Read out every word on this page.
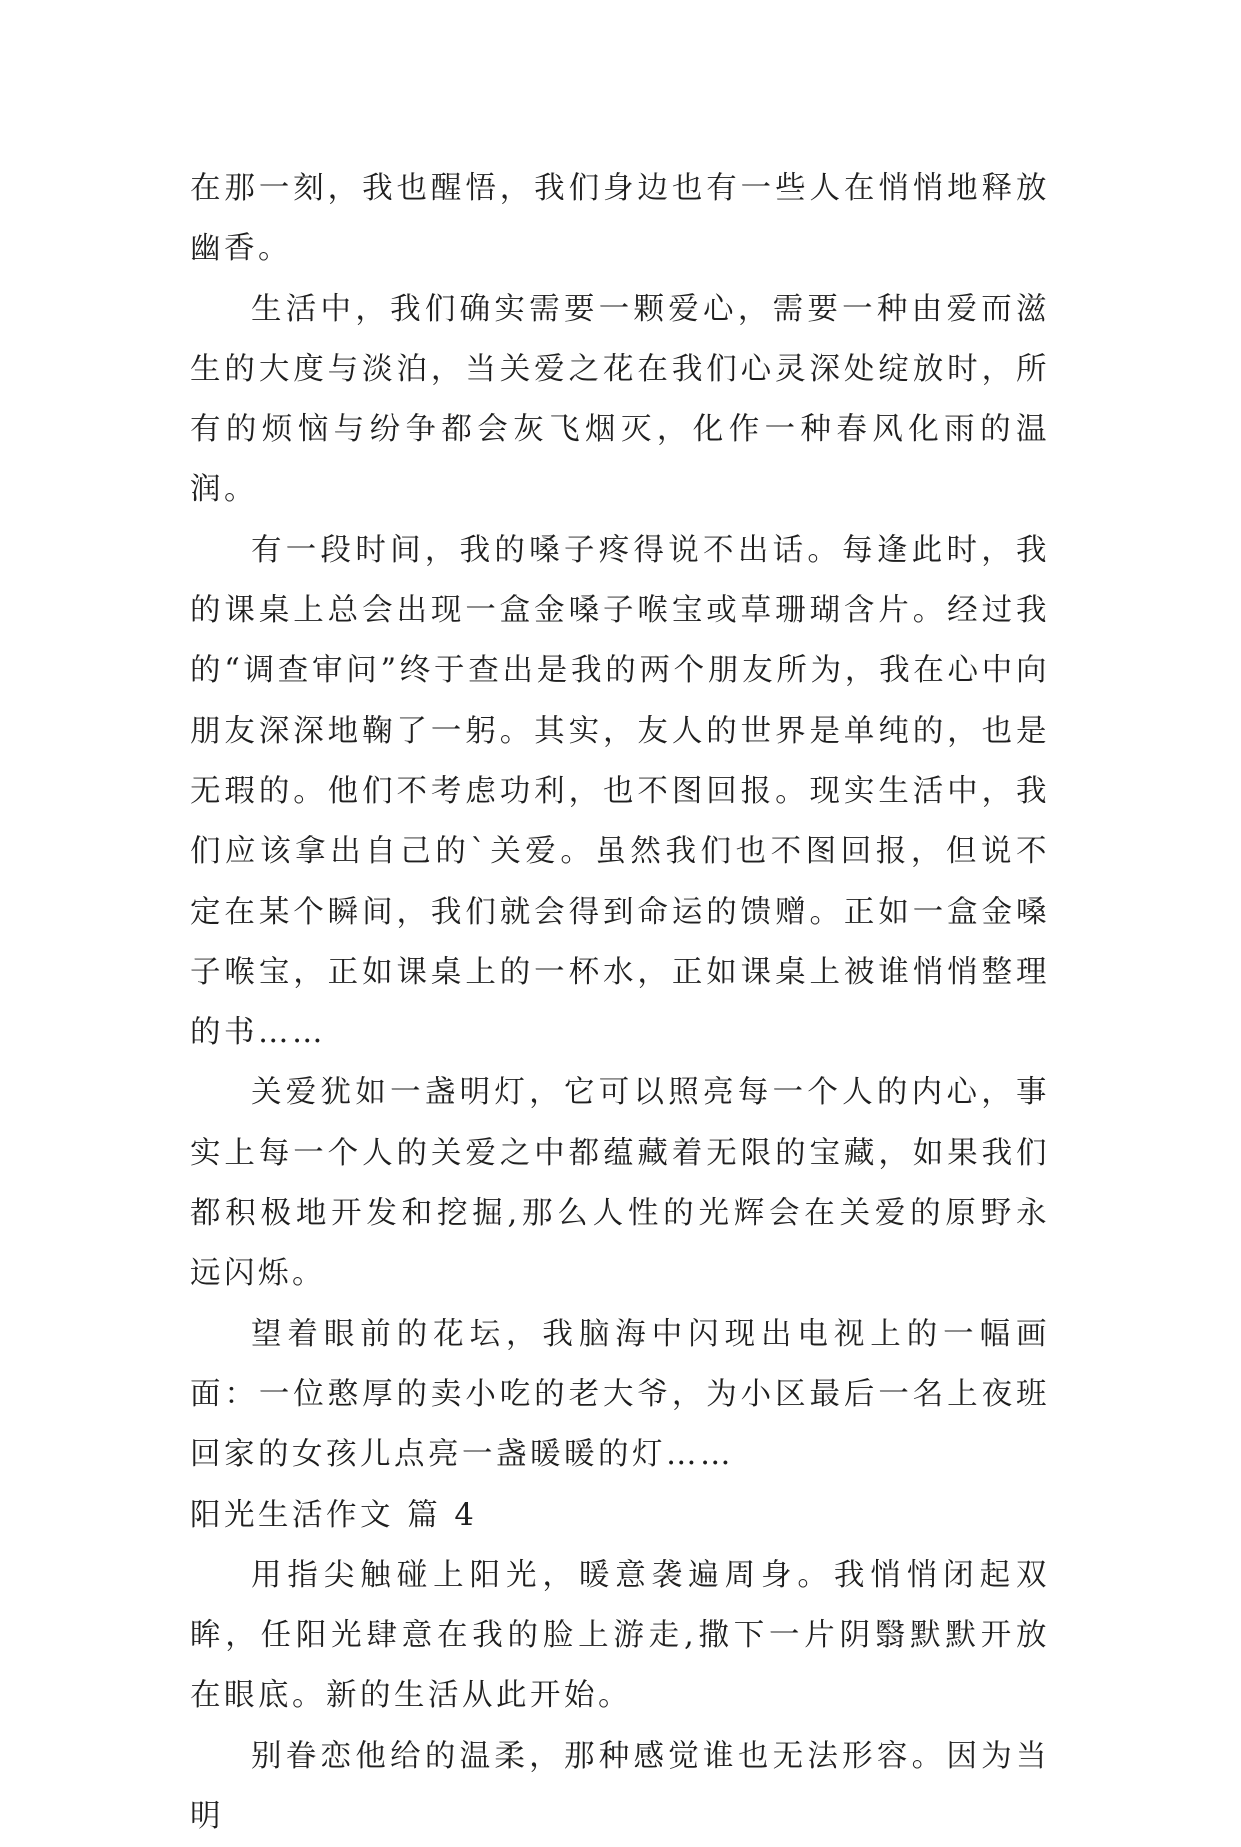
在那一刻，我也醒悟，我们身边也有一些人在悄悄地释放幽香。

生活中，我们确实需要一颗爱心，需要一种由爱而滋生的大度与淡泊，当关爱之花在我们心灵深处绽放时，所有的烦恼与纷争都会灰飞烟灭，化作一种春风化雨的温润。

有一段时间，我的嗓子疼得说不出话。每逢此时，我的课桌上总会出现一盒金嗓子喉宝或草珊瑚含片。经过我的“调查审问”终于查出是我的两个朋友所为，我在心中向朋友深深地鞠了一躬。其实，友人的世界是单纯的，也是无瑕的。他们不考虑功利，也不图回报。现实生活中，我们应该拿出自己的`关爱。虽然我们也不图回报，但说不定在某个瞬间，我们就会得到命运的馈赠。正如一盒金嗓子喉宝，正如课桌上的一杯水，正如课桌上被谁悄悄整理的书……

关爱犹如一盏明灯，它可以照亮每一个人的内心，事实上每一个人的关爱之中都蕴藏着无限的宝藏，如果我们都积极地开发和挖掘,那么人性的光辉会在关爱的原野永远闪烁。

望着眼前的花坛，我脑海中闪现出电视上的一幅画面：一位憨厚的卖小吃的老大爷，为小区最后一名上夜班回家的女孩儿点亮一盏暖暖的灯……

阳光生活作文 篇 4

用指尖触碰上阳光，暖意袭遍周身。我悄悄闭起双眸，任阳光肆意在我的脸上游走,撒下一片阴翳默默开放在眼底。新的生活从此开始。

别眷恋他给的温柔，那种感觉谁也无法形容。因为当明
